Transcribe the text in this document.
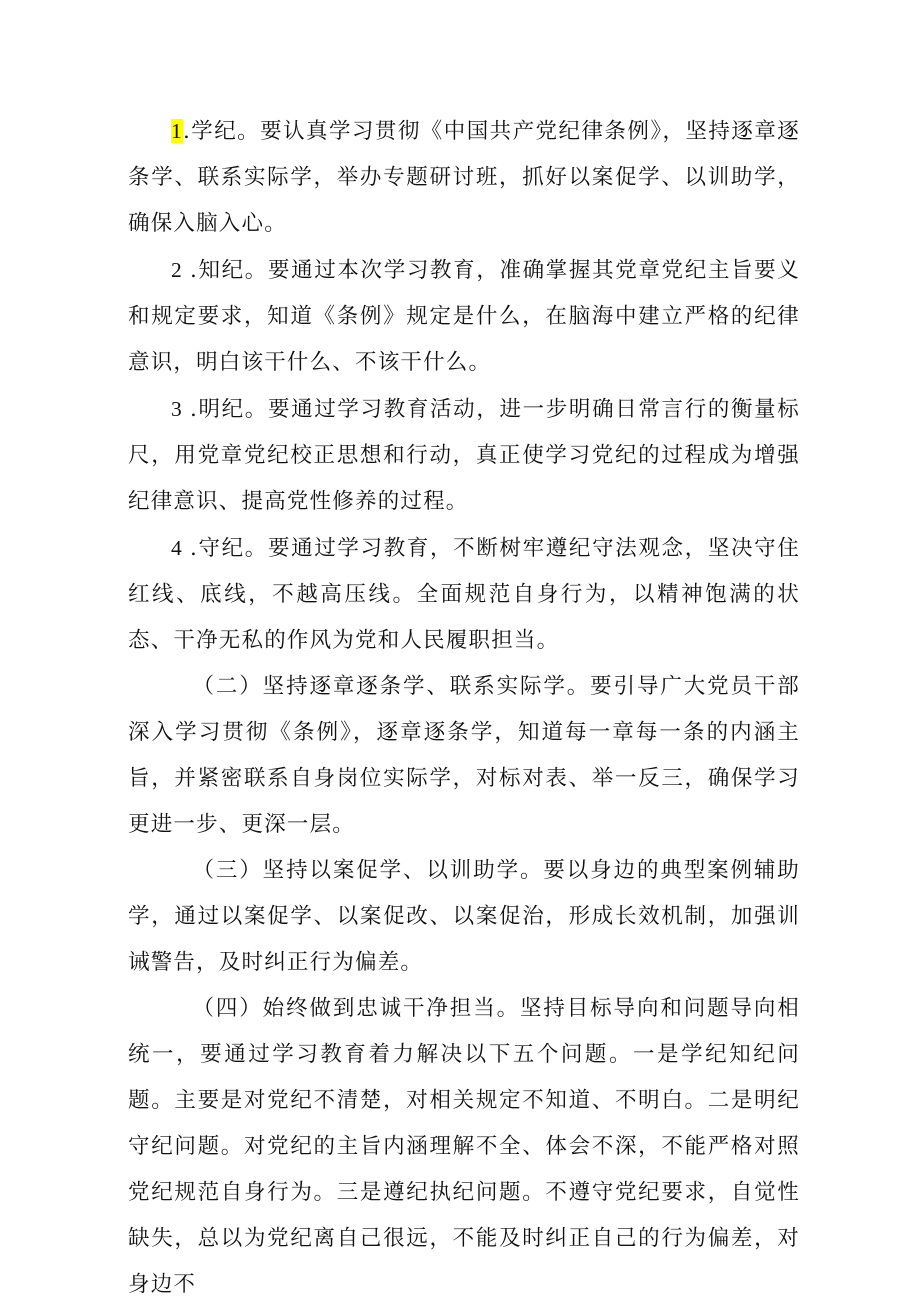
1.学纪。要认真学习贯彻《中国共产党纪律条例》，坚持逐章逐条学、联系实际学，举办专题研讨班，抓好以案促学、以训助学，确保入脑入心。

2 .知纪。要通过本次学习教育，准确掌握其党章党纪主旨要义和规定要求，知道《条例》规定是什么，在脑海中建立严格的纪律意识，明白该干什么、不该干什么。

3 .明纪。要通过学习教育活动，进一步明确日常言行的衡量标尺，用党章党纪校正思想和行动，真正使学习党纪的过程成为增强纪律意识、提高党性修养的过程。

4 .守纪。要通过学习教育，不断树牢遵纪守法观念，坚决守住红线、底线，不越高压线。全面规范自身行为，以精神饱满的状态、干净无私的作风为党和人民履职担当。

（二）坚持逐章逐条学、联系实际学。要引导广大党员干部深入学习贯彻《条例》，逐章逐条学，知道每一章每一条的内涵主旨，并紧密联系自身岗位实际学，对标对表、举一反三，确保学习更进一步、更深一层。

（三）坚持以案促学、以训助学。要以身边的典型案例辅助学，通过以案促学、以案促改、以案促治，形成长效机制，加强训诫警告，及时纠正行为偏差。

（四）始终做到忠诚干净担当。坚持目标导向和问题导向相统一，要通过学习教育着力解决以下五个问题。一是学纪知纪问题。主要是对党纪不清楚，对相关规定不知道、不明白。二是明纪守纪问题。对党纪的主旨内涵理解不全、体会不深，不能严格对照党纪规范自身行为。三是遵纪执纪问题。不遵守党纪要求，自觉性缺失，总以为党纪离自己很远，不能及时纠正自己的行为偏差，对身边不
